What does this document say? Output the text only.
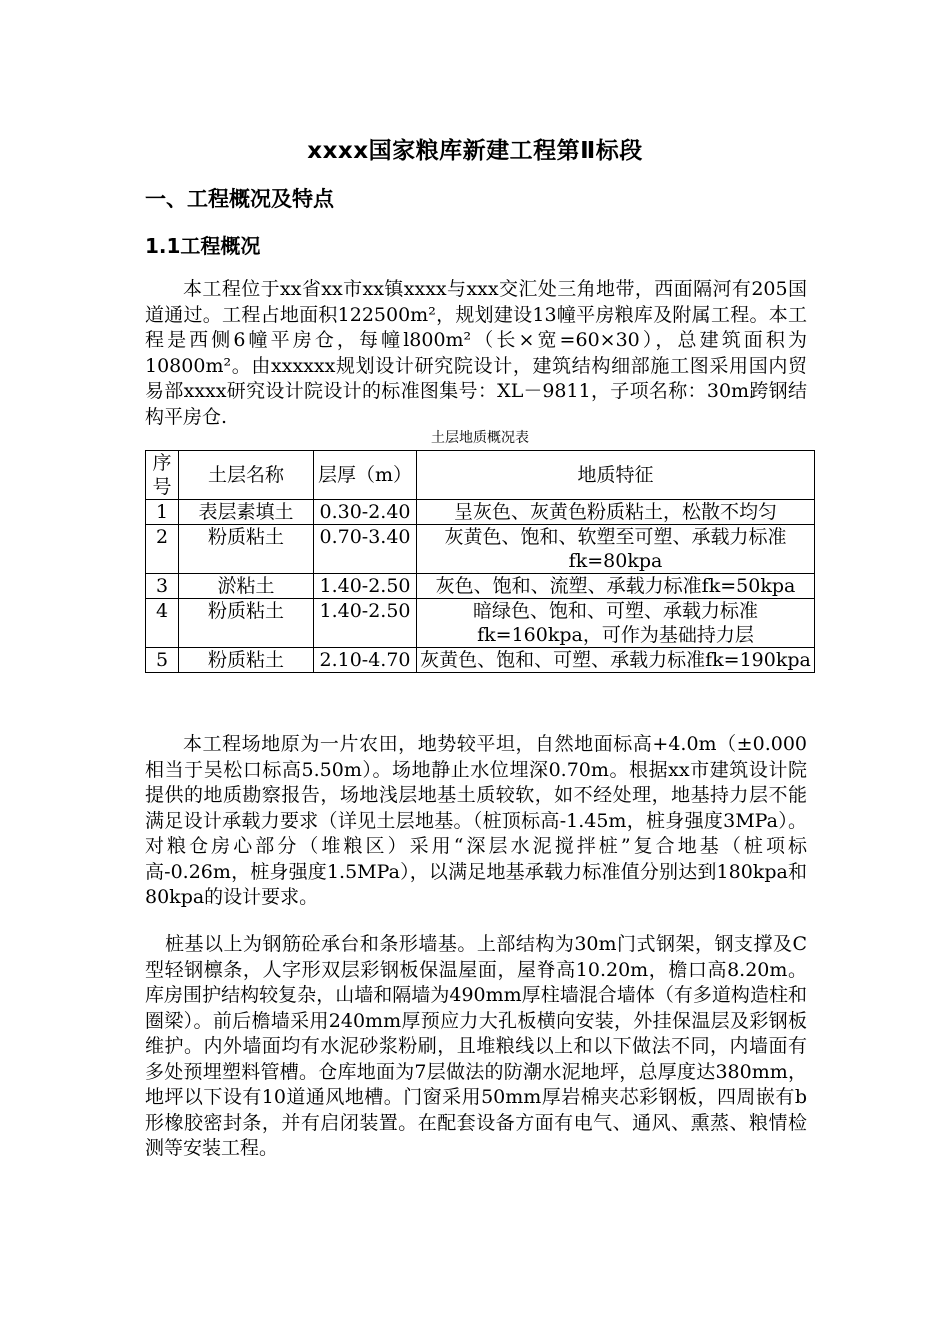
xxxx国家粮库新建工程第Ⅱ标段
一、工程概况及特点
1.1工程概况

本工程位于xx省xx市xx镇xxxx与xxx交汇处三角地带，西面隔河有205国道通过。工程占地面积122500m²，规划建设13幢平房粮库及附属工程。本工程是西侧6幢平房仓，每幢l800m²（长×宽=60×30），总建筑面积为10800m²。由xxxxxx规划设计研究院设计，建筑结构细部施工图采用国内贸易部xxxx研究设计院设计的标准图集号：XL－9811，子项名称：30m跨钢结构平房仓.

土层地质概况表
序号	土层名称	层厚（m）	地质特征
1	表层素填土	0.30-2.40	呈灰色、灰黄色粉质粘土，松散不均匀
2	粉质粘土	0.70-3.40	灰黄色、饱和、软塑至可塑、承载力标准fk=80kpa
3	淤粘土	1.40-2.50	灰色、饱和、流塑、承载力标准fk=50kpa
4	粉质粘土	1.40-2.50	暗绿色、饱和、可塑、承载力标准fk=160kpa，可作为基础持力层
5	粉质粘土	2.10-4.70	灰黄色、饱和、可塑、承载力标准fk=190kpa

本工程场地原为一片农田，地势较平坦，自然地面标高+4.0m（±0.000相当于吴松口标高5.50m）。场地静止水位埋深0.70m。根据xx市建筑设计院提供的地质勘察报告，场地浅层地基土质较软，如不经处理，地基持力层不能满足设计承载力要求（详见土层地基。（桩顶标高-1.45m，桩身强度3MPa）。对粮仓房心部分（堆粮区）采用“深层水泥搅拌桩”复合地基（桩项标高-0.26m，桩身强度1.5MPa），以满足地基承载力标准值分别达到180kpa和80kpa的设计要求。

桩基以上为钢筋砼承台和条形墙基。上部结构为30m门式钢架，钢支撑及C型轻钢檩条，人字形双层彩钢板保温屋面，屋脊高10.20m，檐口高8.20m。库房围护结构较复杂，山墙和隔墙为490mm厚柱墙混合墙体（有多道构造柱和圈梁）。前后檐墙采用240mm厚预应力大孔板横向安装，外挂保温层及彩钢板维护。内外墙面均有水泥砂浆粉刷，且堆粮线以上和以下做法不同，内墙面有多处预埋塑料管槽。仓库地面为7层做法的防潮水泥地坪，总厚度达380mm，地坪以下设有10道通风地槽。门窗采用50mm厚岩棉夹芯彩钢板，四周嵌有b形橡胶密封条，并有启闭装置。在配套设备方面有电气、通风、熏蒸、粮情检测等安装工程。
